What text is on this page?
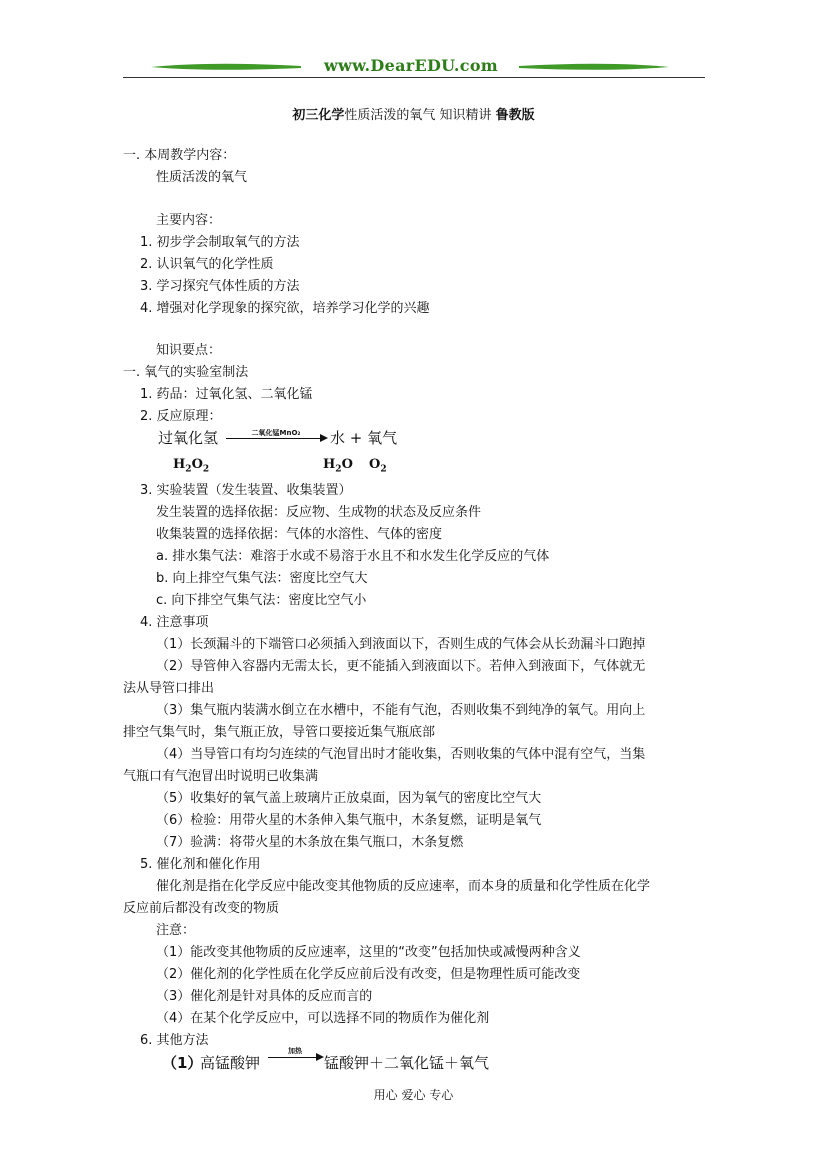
www.DearEDU.com
初三化学性质活泼的氧气 知识精讲 鲁教版
一. 本周教学内容：
性质活泼的氧气
主要内容：
1. 初步学会制取氧气的方法
2. 认识氧气的化学性质
3. 学习探究气体性质的方法
4. 增强对化学现象的探究欲，培养学习化学的兴趣
知识要点：
一. 氧气的实验室制法
1. 药品：过氧化氢、二氧化锰
2. 反应原理：
过氧化氢	二氧化锰MnO₂	水 + 氧气
$H_2O_2$	$H_2O$ $O_2$
3. 实验装置（发生装置、收集装置）
发生装置的选择依据：反应物、生成物的状态及反应条件
收集装置的选择依据：气体的水溶性、气体的密度
a. 排水集气法：难溶于水或不易溶于水且不和水发生化学反应的气体
b. 向上排空气集气法：密度比空气大
c. 向下排空气集气法：密度比空气小
4. 注意事项
（1）长颈漏斗的下端管口必须插入到液面以下，否则生成的气体会从长劲漏斗口跑掉
（2）导管伸入容器内无需太长，更不能插入到液面以下。若伸入到液面下，气体就无
法从导管口排出
（3）集气瓶内装满水倒立在水槽中，不能有气泡，否则收集不到纯净的氧气。用向上
排空气集气时，集气瓶正放，导管口要接近集气瓶底部
（4）当导管口有均匀连续的气泡冒出时才能收集，否则收集的气体中混有空气，当集
气瓶口有气泡冒出时说明已收集满
（5）收集好的氧气盖上玻璃片正放桌面，因为氧气的密度比空气大
（6）检验：用带火星的木条伸入集气瓶中，木条复燃，证明是氧气
（7）验满：将带火星的木条放在集气瓶口，木条复燃
5. 催化剂和催化作用
催化剂是指在化学反应中能改变其他物质的反应速率，而本身的质量和化学性质在化学
反应前后都没有改变的物质
注意：
（1）能改变其他物质的反应速率，这里的“改变”包括加快或减慢两种含义
（2）催化剂的化学性质在化学反应前后没有改变，但是物理性质可能改变
（3）催化剂是针对具体的反应而言的
（4）在某个化学反应中，可以选择不同的物质作为催化剂
6. 其他方法
（1）
高锰酸钾
加热
锰酸钾＋二氧化锰＋氧气
用心 爱心 专心
